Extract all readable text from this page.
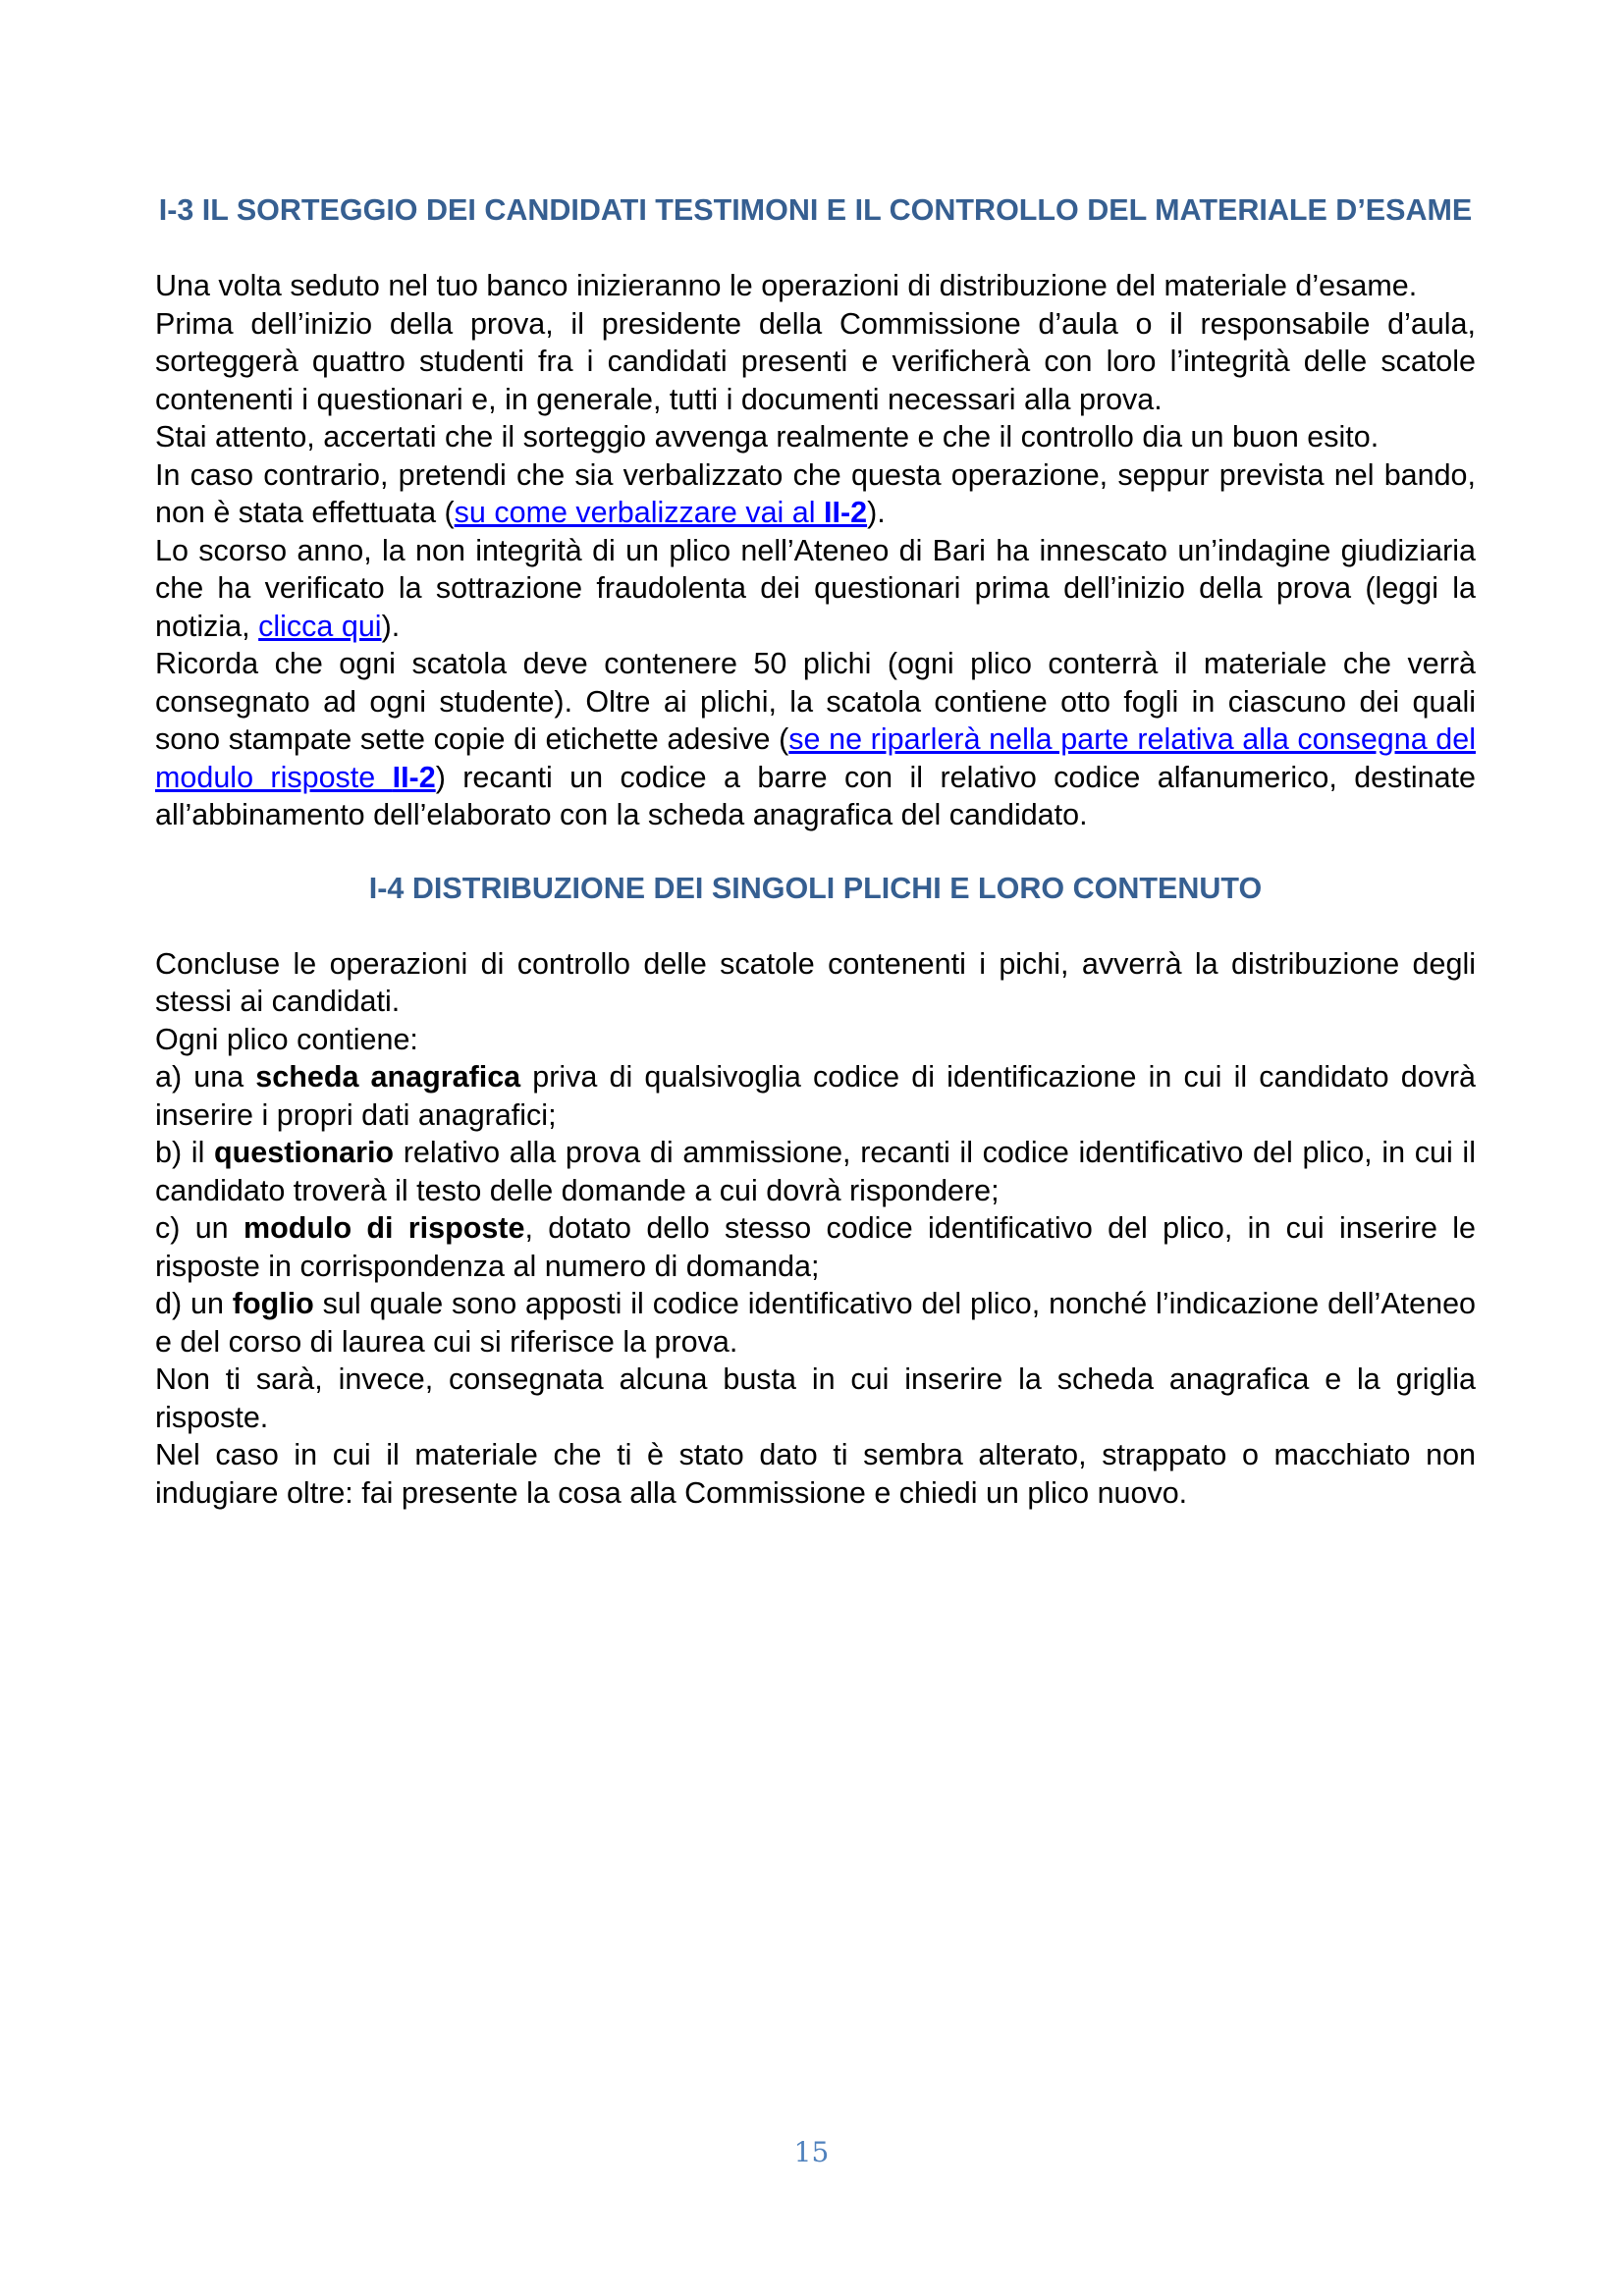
I-3 IL SORTEGGIO DEI CANDIDATI TESTIMONI E IL CONTROLLO DEL MATERIALE D’ESAME

Una volta seduto nel tuo banco inizieranno le operazioni di distribuzione del materiale d’esame.

Prima dell’inizio della prova, il presidente della Commissione d’aula o il responsabile d’aula, sorteggerà quattro studenti fra i candidati presenti e verificherà con loro l’integrità delle scatole contenenti i questionari e, in generale, tutti i documenti necessari alla prova.

Stai attento, accertati che il sorteggio avvenga realmente e che il controllo dia un buon esito.

In caso contrario, pretendi che sia verbalizzato che questa operazione, seppur prevista nel bando, non è stata effettuata (su come verbalizzare vai al II-2).

Lo scorso anno, la non integrità di un plico nell’Ateneo di Bari ha innescato un’indagine giudiziaria che ha verificato la sottrazione fraudolenta dei questionari prima dell’inizio della prova (leggi la notizia, clicca qui).

Ricorda che ogni scatola deve contenere 50 plichi (ogni plico conterrà il materiale che verrà consegnato ad ogni studente). Oltre ai plichi, la scatola contiene otto fogli in ciascuno dei quali sono stampate sette copie di etichette adesive (se ne riparlerà nella parte relativa alla consegna del modulo risposte II-2) recanti un codice a barre con il relativo codice alfanumerico, destinate all’abbinamento dell’elaborato con la scheda anagrafica del candidato.

I-4 DISTRIBUZIONE DEI SINGOLI PLICHI E LORO CONTENUTO

Concluse le operazioni di controllo delle scatole contenenti i pichi, avverrà la distribuzione degli stessi ai candidati.

Ogni plico contiene:

a) una scheda anagrafica priva di qualsivoglia codice di identificazione in cui il candidato dovrà inserire i propri dati anagrafici;

b) il questionario relativo alla prova di ammissione, recanti il codice identificativo del plico, in cui il candidato troverà il testo delle domande a cui dovrà rispondere;

c) un modulo di risposte, dotato dello stesso codice identificativo del plico, in cui inserire le risposte in corrispondenza al numero di domanda;

d) un foglio sul quale sono apposti il codice identificativo del plico, nonché l’indicazione dell’Ateneo e del corso di laurea cui si riferisce la prova.

Non ti sarà, invece, consegnata alcuna busta in cui inserire la scheda anagrafica e la griglia risposte.

Nel caso in cui il materiale che ti è stato dato ti sembra alterato, strappato o macchiato non indugiare oltre: fai presente la cosa alla Commissione e chiedi un plico nuovo.

15
